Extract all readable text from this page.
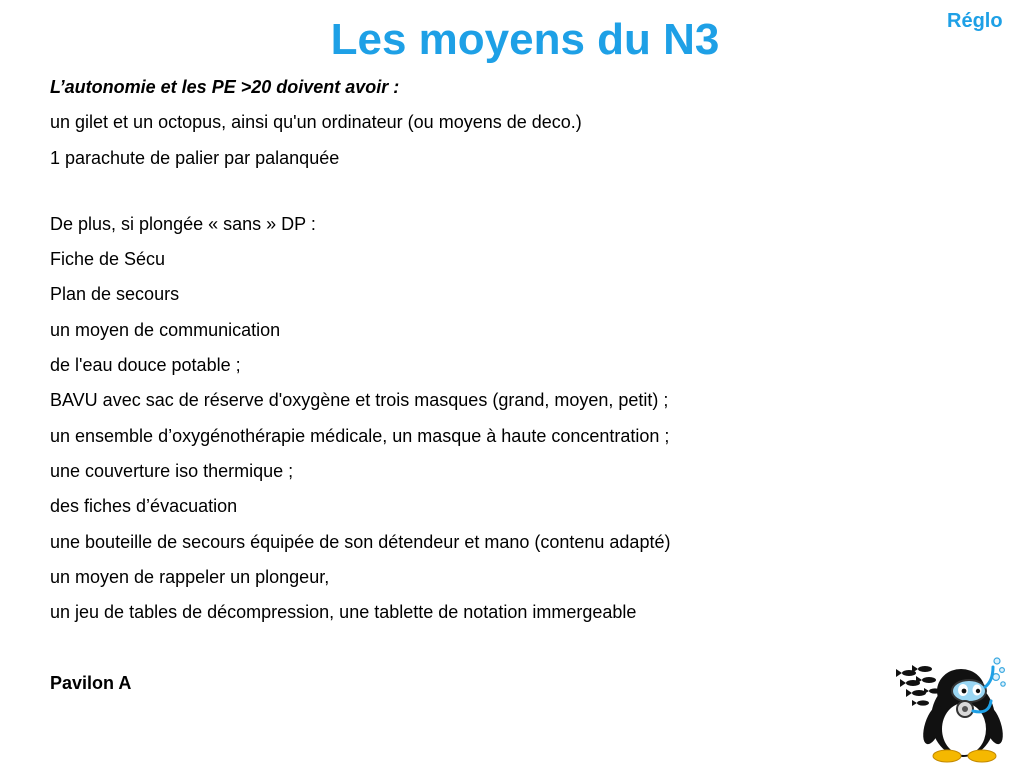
Les moyens du N3	Réglo
L’autonomie et les PE >20 doivent avoir :
un gilet et un octopus, ainsi qu'un ordinateur (ou moyens de deco.)
1 parachute de palier par palanquée
De plus, si plongée « sans » DP :
Fiche de Sécu
Plan de secours
un moyen de communication
de l'eau douce potable ;
BAVU avec sac de réserve d'oxygène et trois masques (grand, moyen, petit) ;
un ensemble d’oxygénothérapie médicale, un masque à haute concentration ;
une couverture iso thermique ;
des fiches d’évacuation
une bouteille de secours équipée de son détendeur et mano (contenu adapté)
un moyen de rappeler un plongeur,
un jeu de tables de décompression, une tablette de notation immergeable
Pavilon A
